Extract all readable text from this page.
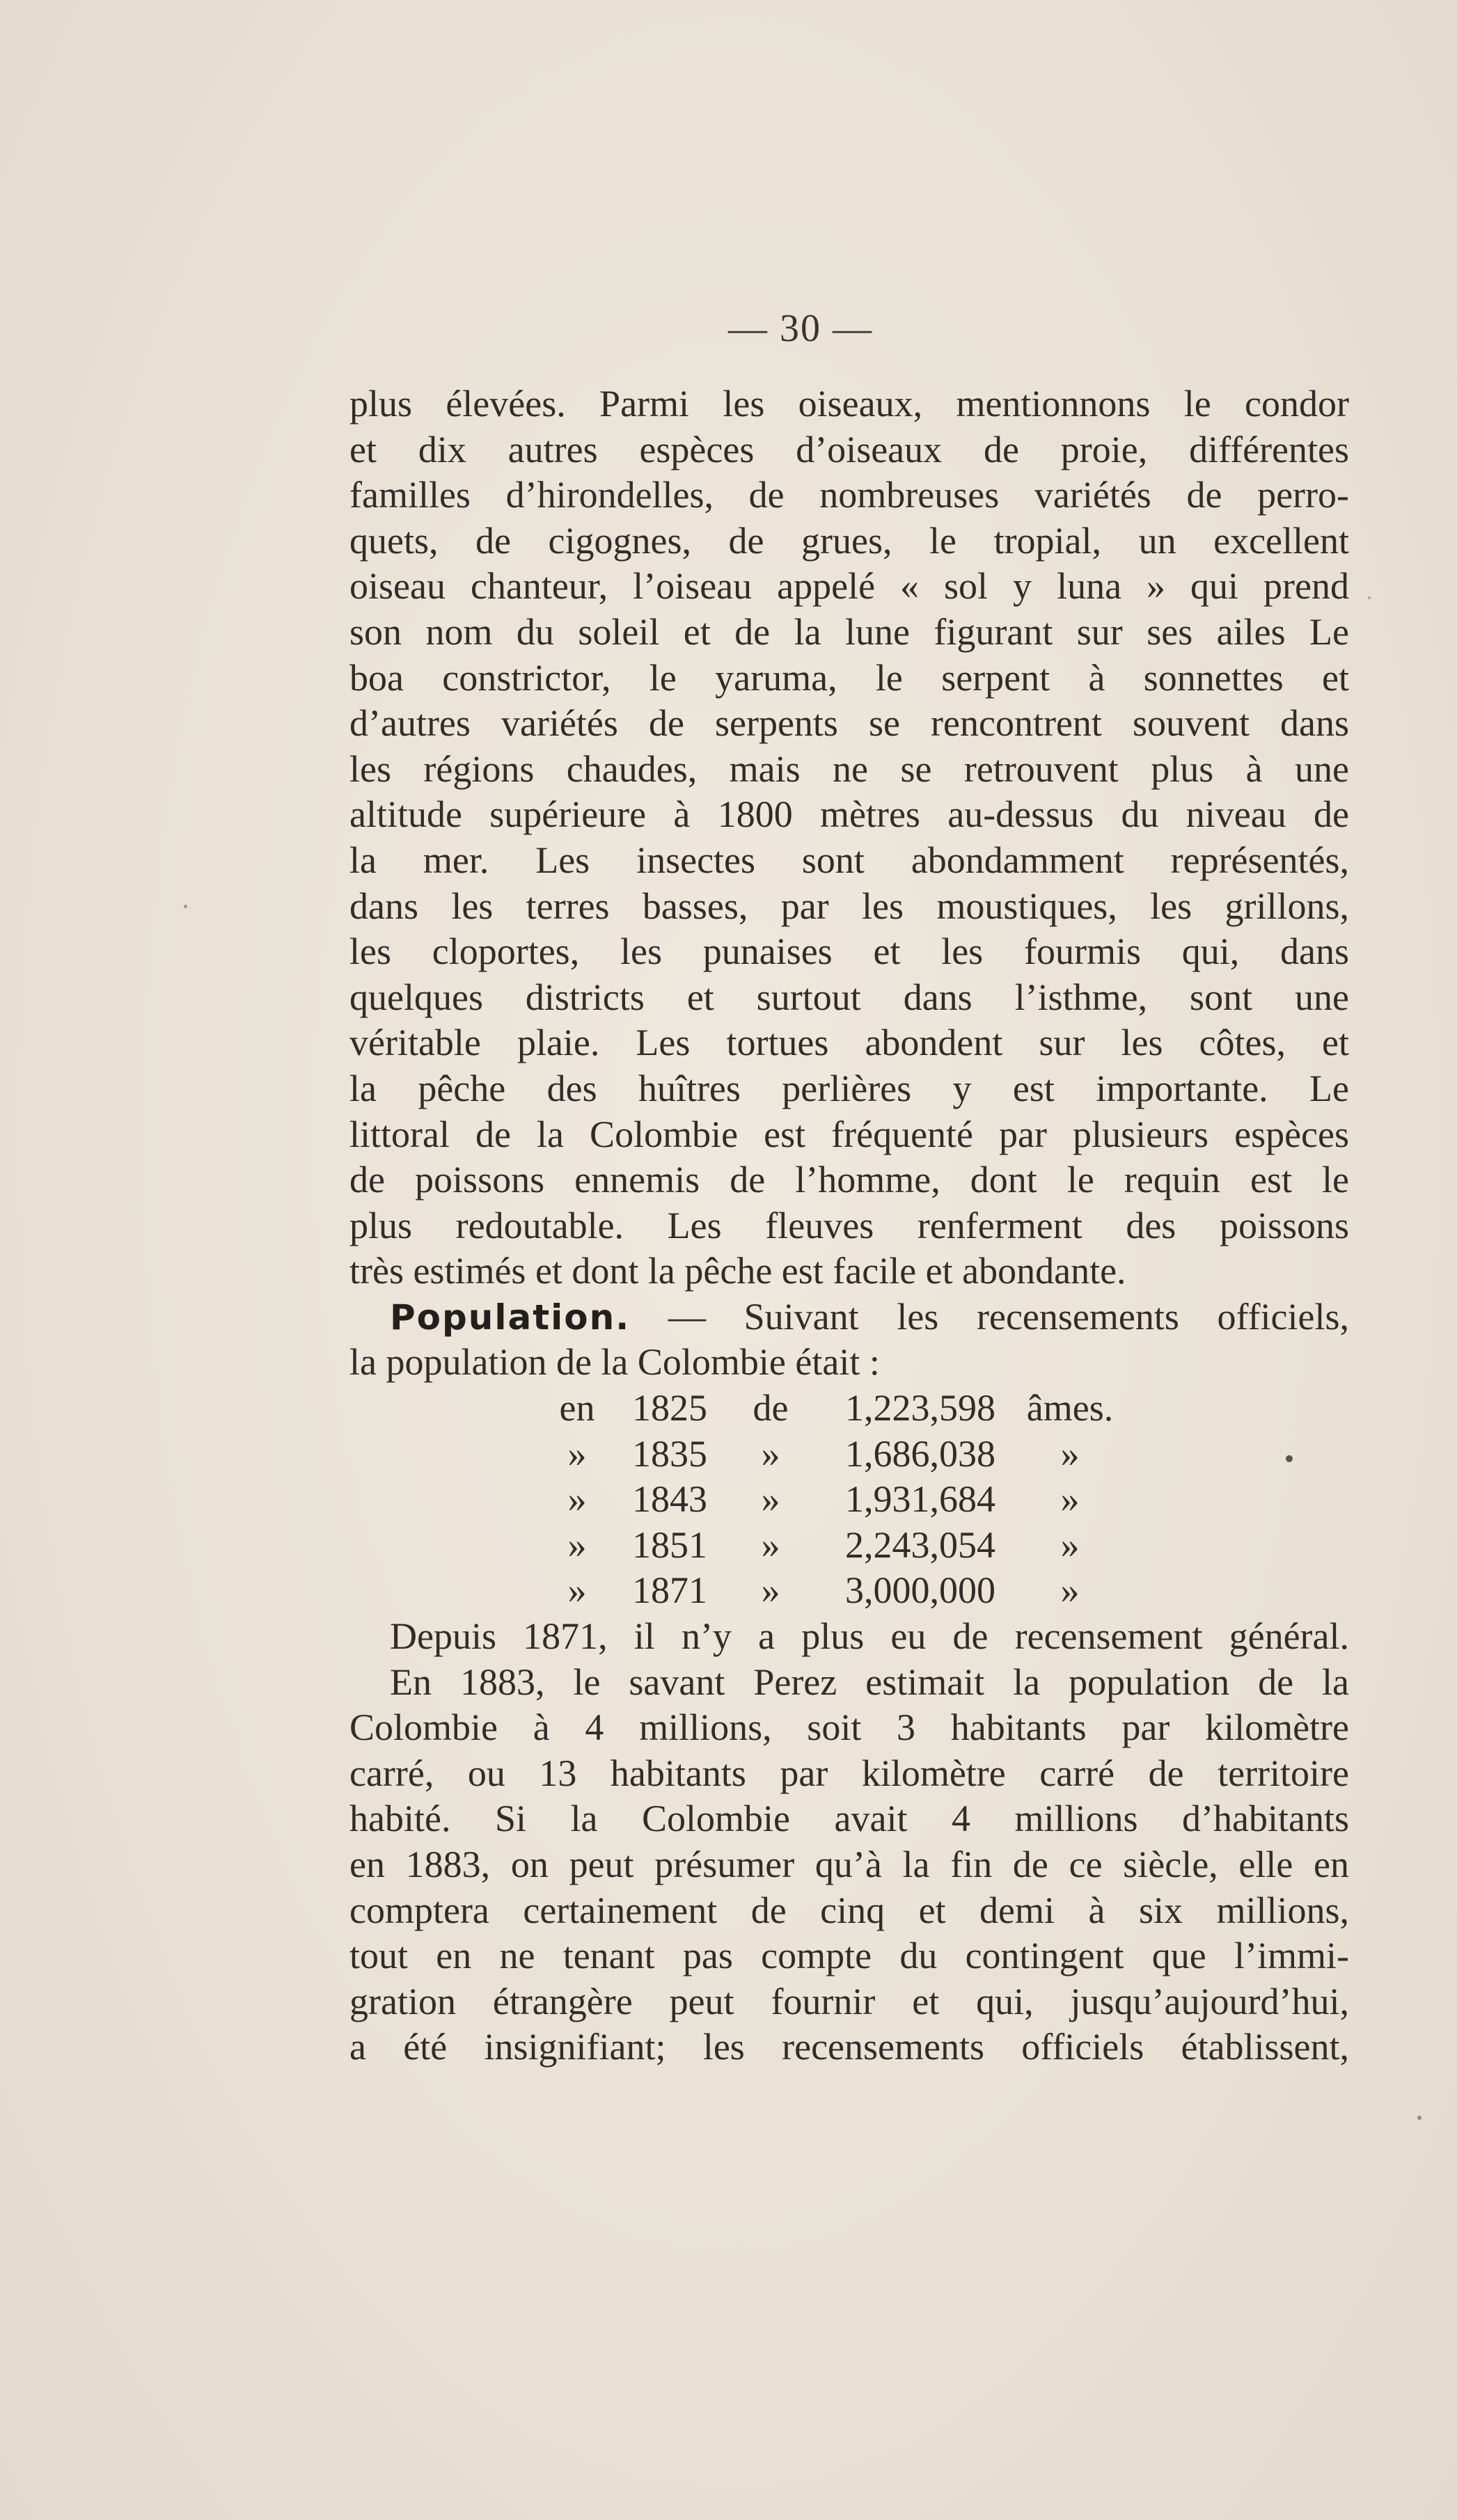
— 30 —
plus élevées. Parmi les oiseaux, mentionnons le condor
et dix autres espèces d’oiseaux de proie, différentes
familles d’hirondelles, de nombreuses variétés de perro-
quets, de cigognes, de grues, le tropial, un excellent
oiseau chanteur, l’oiseau appelé « sol y luna » qui prend
son nom du soleil et de la lune figurant sur ses ailes Le
boa constrictor, le yaruma, le serpent à sonnettes et
d’autres variétés de serpents se rencontrent souvent dans
les régions chaudes, mais ne se retrouvent plus à une
altitude supérieure à 1800 mètres au-dessus du niveau de
la mer. Les insectes sont abondamment représentés,
dans les terres basses, par les moustiques, les grillons,
les cloportes, les punaises et les fourmis qui, dans
quelques districts et surtout dans l’isthme, sont une
véritable plaie. Les tortues abondent sur les côtes, et
la pêche des huîtres perlières y est importante. Le
littoral de la Colombie est fréquenté par plusieurs espèces
de poissons ennemis de l’homme, dont le requin est le
plus redoutable. Les fleuves renferment des poissons
très estimés et dont la pêche est facile et abondante.
Population. — Suivant les recensements officiels,
la population de la Colombie était :
en 1825 de	1,223,598 âmes.
»	1835	»	1,686,038	»
»	1843	»	1,931,684	»
»	1851	»	2,243,054	»
»	1871	»	3,000,000	»
Depuis 1871, il n’y a plus eu de recensement général.
En 1883, le savant Perez estimait la population de la
Colombie à 4 millions, soit 3 habitants par kilomètre
carré, ou 13 habitants par kilomètre carré de territoire
habité. Si la Colombie avait 4 millions d’habitants
en 1883, on peut présumer qu’à la fin de ce siècle, elle en
comptera certainement de cinq et demi à six millions,
tout en ne tenant pas compte du contingent que l’immi-
gration étrangère peut fournir et qui, jusqu’aujourd’hui,
a été insignifiant; les recensements officiels établissent,
